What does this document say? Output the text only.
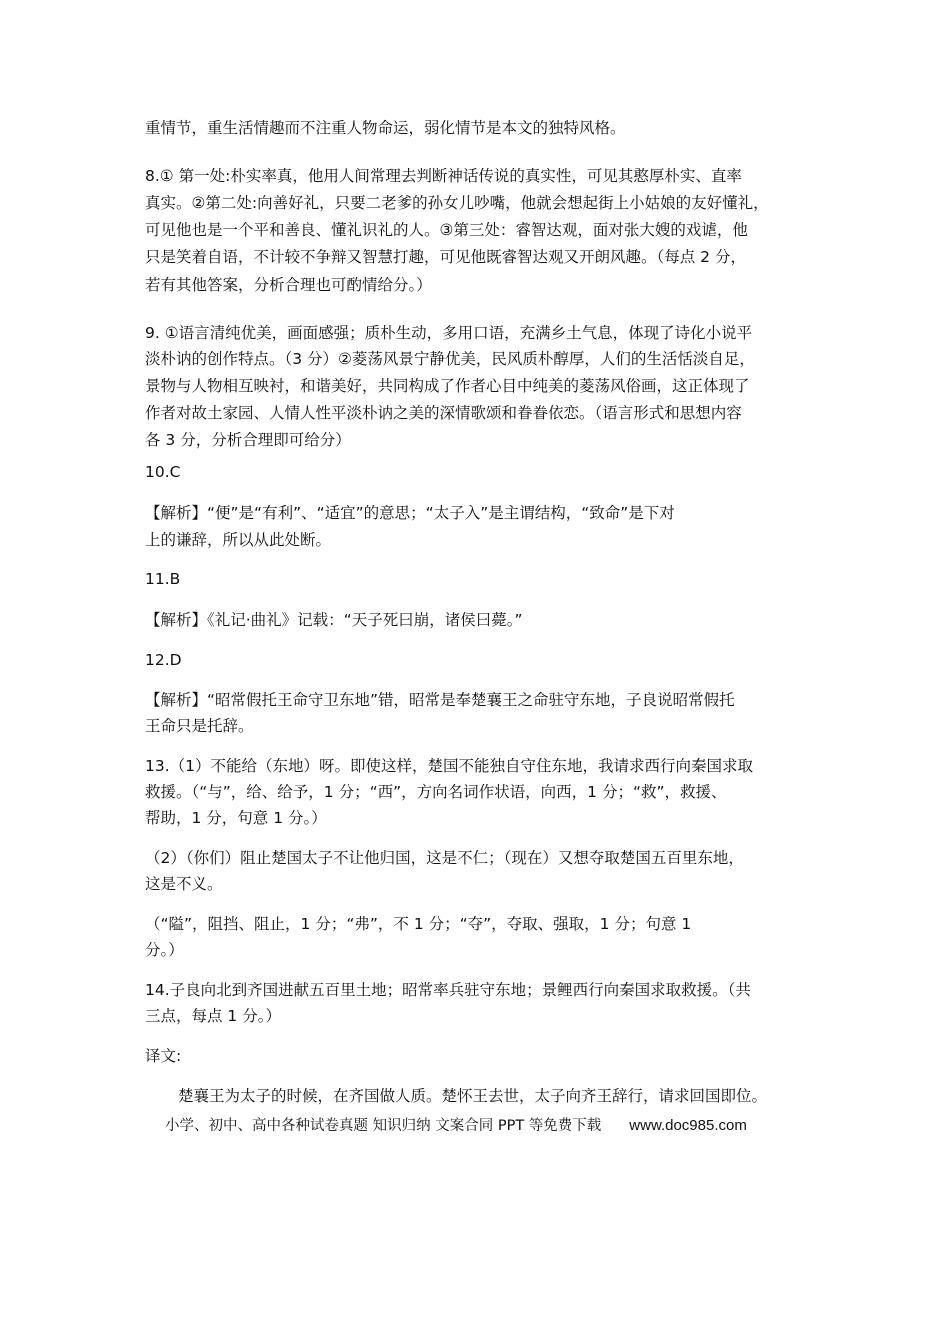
重情节，重生活情趣而不注重人物命运，弱化情节是本文的独特风格。

8.① 第一处:朴实率真，他用人间常理去判断神话传说的真实性，可见其憨厚朴实、直率

真实。②第二处:向善好礼，只要二老爹的孙女儿吵嘴，他就会想起街上小姑娘的友好懂礼，

可见他也是一个平和善良、懂礼识礼的人。③第三处：睿智达观，面对张大嫂的戏谑，他

只是笑着自语，不计较不争辩又智慧打趣，可见他既睿智达观又开朗风趣。（每点 2 分，

若有其他答案，分析合理也可酌情给分。）

9. ①语言清纯优美，画面感强；质朴生动，多用口语，充满乡土气息，体现了诗化小说平

淡朴讷的创作特点。（3 分）②菱荡风景宁静优美，民风质朴醇厚，人们的生活恬淡自足，

景物与人物相互映衬，和谐美好，共同构成了作者心目中纯美的菱荡风俗画，这正体现了

作者对故土家园、人情人性平淡朴讷之美的深情歌颂和眷眷依恋。（语言形式和思想内容

各 3 分，分析合理即可给分）

10.C

【解析】“便”是“有利”、“适宜”的意思；“太子入”是主谓结构，“致命”是下对

上的谦辞，所以从此处断。

11.B

【解析】《礼记·曲礼》记载：“天子死曰崩，诸侯曰薨。”

12.D

【解析】“昭常假托王命守卫东地”错，昭常是奉楚襄王之命驻守东地，子良说昭常假托

王命只是托辞。

13.（1）不能给（东地）呀。即使这样，楚国不能独自守住东地，我请求西行向秦国求取

救援。（“与”，给、给予，1 分；“西”，方向名词作状语，向西，1 分；“救”，救援、

帮助，1 分，句意 1 分。）

（2）（你们）阻止楚国太子不让他归国，这是不仁；（现在）又想夺取楚国五百里东地，

这是不义。

（“隘”，阻挡、阻止，1 分；“弗”，不 1 分；“夺”，夺取、强取，1 分；句意 1

分。）

14.子良向北到齐国进献五百里土地；昭常率兵驻守东地；景鲤西行向秦国求取救援。（共

三点，每点 1 分。）

译文:

楚襄王为太子的时候，在齐国做人质。楚怀王去世，太子向齐王辞行，请求回国即位。

小学、初中、高中各种试卷真题 知识归纳 文案合同 PPT 等免费下载 www.doc985.com
